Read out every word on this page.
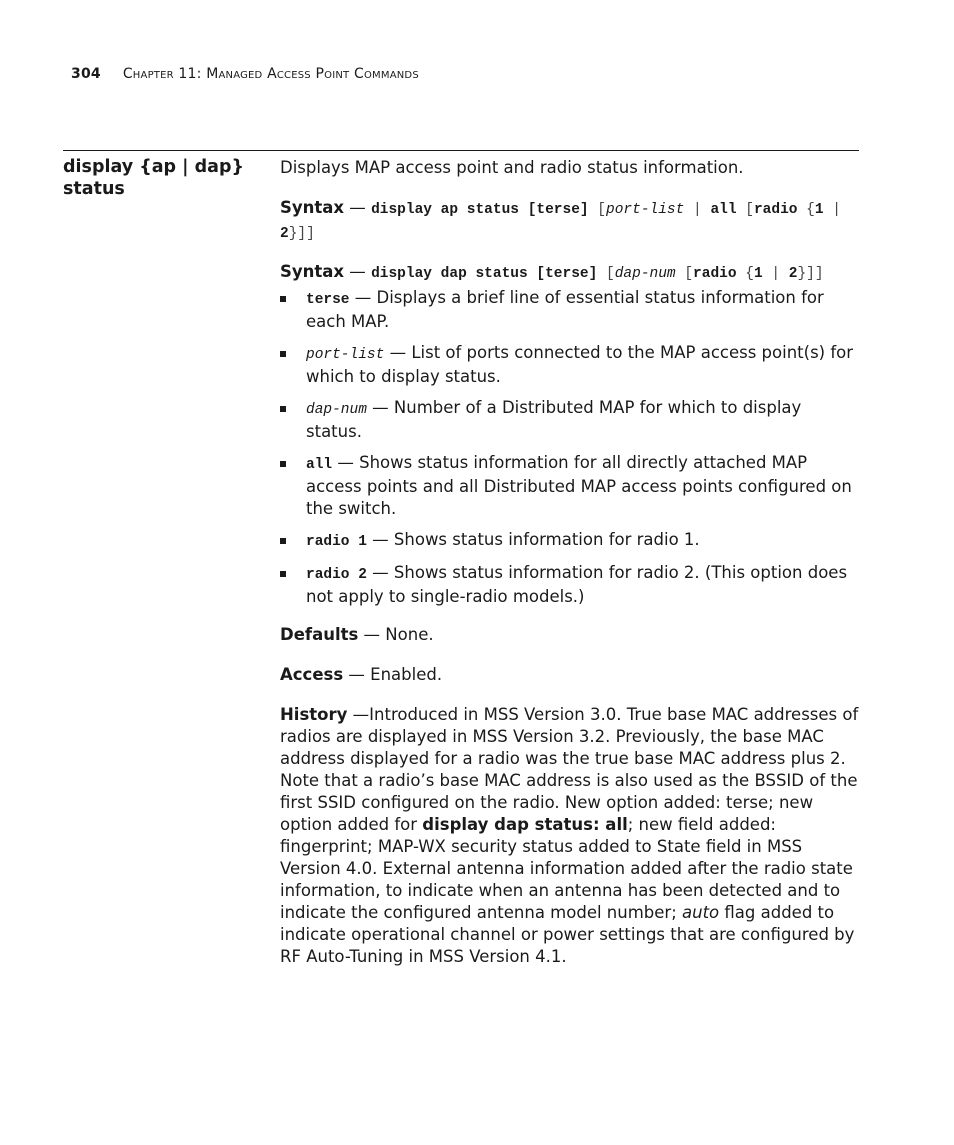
304 Chapter 11: Managed Access Point Commands
display {ap | dap}
status

Displays MAP access point and radio status information.

Syntax — display ap status [terse] [port-list | all [radio {1 | 2}]]

Syntax — display dap status [terse] [dap-num [radio {1 | 2}]]

terse — Displays a brief line of essential status information for each MAP.
port-list — List of ports connected to the MAP access point(s) for which to display status.
dap-num — Number of a Distributed MAP for which to display status.
all — Shows status information for all directly attached MAP access points and all Distributed MAP access points configured on the switch.
radio 1 — Shows status information for radio 1.
radio 2 — Shows status information for radio 2. (This option does not apply to single-radio models.)

Defaults — None.

Access — Enabled.

History —Introduced in MSS Version 3.0. True base MAC addresses of radios are displayed in MSS Version 3.2. Previously, the base MAC address displayed for a radio was the true base MAC address plus 2. Note that a radio’s base MAC address is also used as the BSSID of the first SSID configured on the radio. New option added: terse; new option added for display dap status: all; new field added: fingerprint; MAP-WX security status added to State field in MSS Version 4.0. External antenna information added after the radio state information, to indicate when an antenna has been detected and to indicate the configured antenna model number; auto flag added to indicate operational channel or power settings that are configured by RF Auto-Tuning in MSS Version 4.1.
